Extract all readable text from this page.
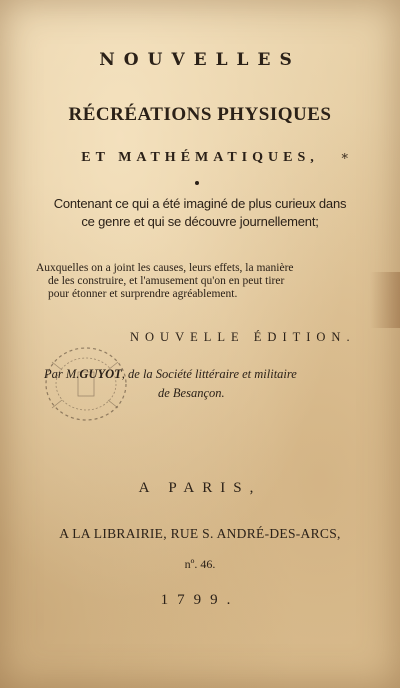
NOUVELLES
RÉCRÉATIONS PHYSIQUES
ET MATHÉMATIQUES,	*
Contenant ce qui a été imaginé de plus curieux dans
ce genre et qui se découvre journellement;
Auxquelles on a joint les causes, leurs effets, la manière
de les construire, et l'amusement qu'on en peut tirer
pour étonner et surprendre agréablement.
NOUVELLE ÉDITION.
Par M.GUYOT, de la Société littéraire et militaire
de Besançon.
A PARIS,
A LA LIBRAIRIE, RUE S. ANDRÉ-DES-ARCS,
nº. 46.
1799.
